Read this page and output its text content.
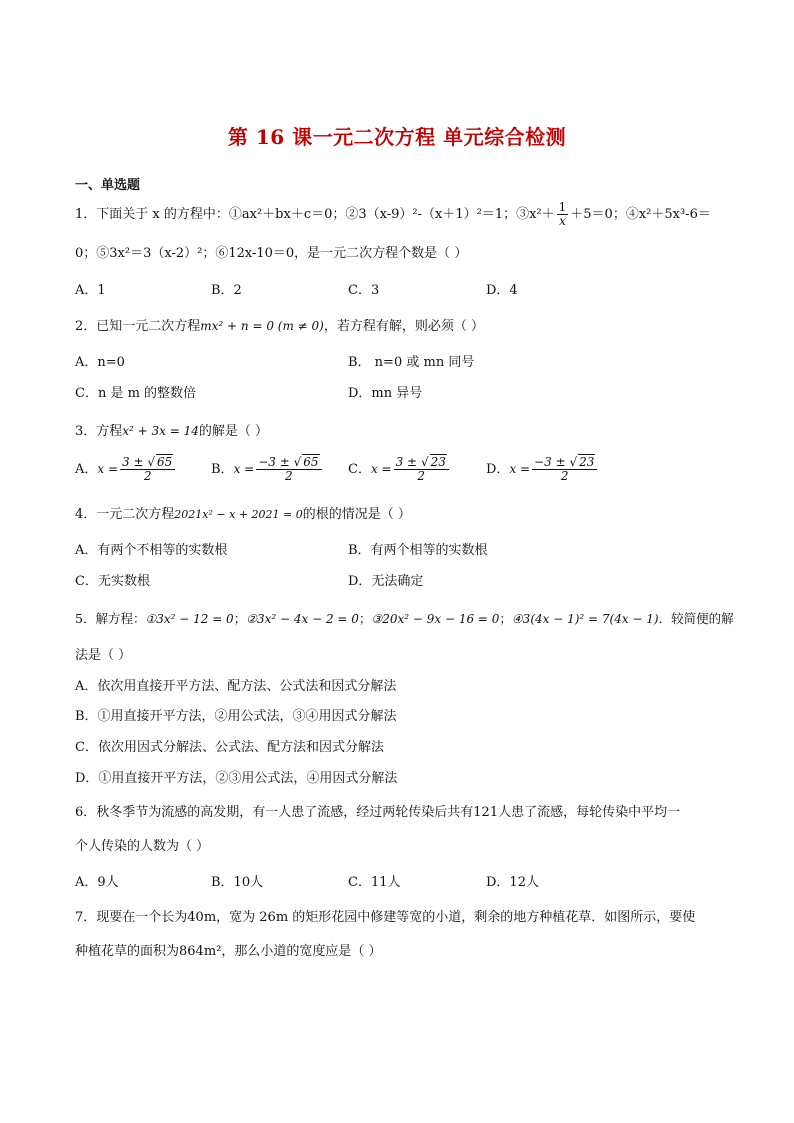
第 16 课一元二次方程 单元综合检测
一、单选题
1．下面关于 x 的方程中：①ax²＋bx＋c＝0；②3（x-9）²-（x＋1）²＝1；③x²＋ $\frac{1}{x} +5=0$；④x²＋5x³-6＝
0；⑤3x²＝3（x-2）²；⑥12x-10＝0，是一元二次方程个数是（ ）
A．1	B．2	C．3	D．4
2．已知一元二次方程mx² + n = 0 (m ≠ 0)，若方程有解，则必须（ ）
A．n=0	B． n=0 或 mn 同号
C．n 是 m 的整数倍	D．mn 异号
3．方程x² + 3x = 14的解是（ ）
A．$x = \frac{3 \pm √ 65}{2}$	B．$x = \frac{-3 \pm √ 65}{2}$ C．$x = \frac{3 \pm √ 23}{2}$	D．$x = \frac{-3 \pm √ 23}{2}$
4．一元二次方程2021x² − x + 2021 = 0的根的情况是（ ）
A．有两个不相等的实数根	B．有两个相等的实数根
C．无实数根	D．无法确定
5．解方程：①3x² − 12 = 0；②3x² − 4x − 2 = 0；③20x² − 9x − 16 = 0；④3(4x − 1)² = 7(4x − 1)．较简便的解
法是（ ）
A．依次用直接开平方法、配方法、公式法和因式分解法
B．①用直接开平方法，②用公式法，③④用因式分解法
C．依次用因式分解法、公式法、配方法和因式分解法
D．①用直接开平方法，②③用公式法，④用因式分解法
6．秋冬季节为流感的高发期，有一人患了流感，经过两轮传染后共有121人患了流感，每轮传染中平均一
个人传染的人数为（ ）
A．9人	B．10人	C．11人	D．12人
7．现要在一个长为40m，宽为 26m 的矩形花园中修建等宽的小道，剩余的地方种植花草．如图所示，要使
种植花草的面积为864m²，那么小道的宽度应是（ ）
